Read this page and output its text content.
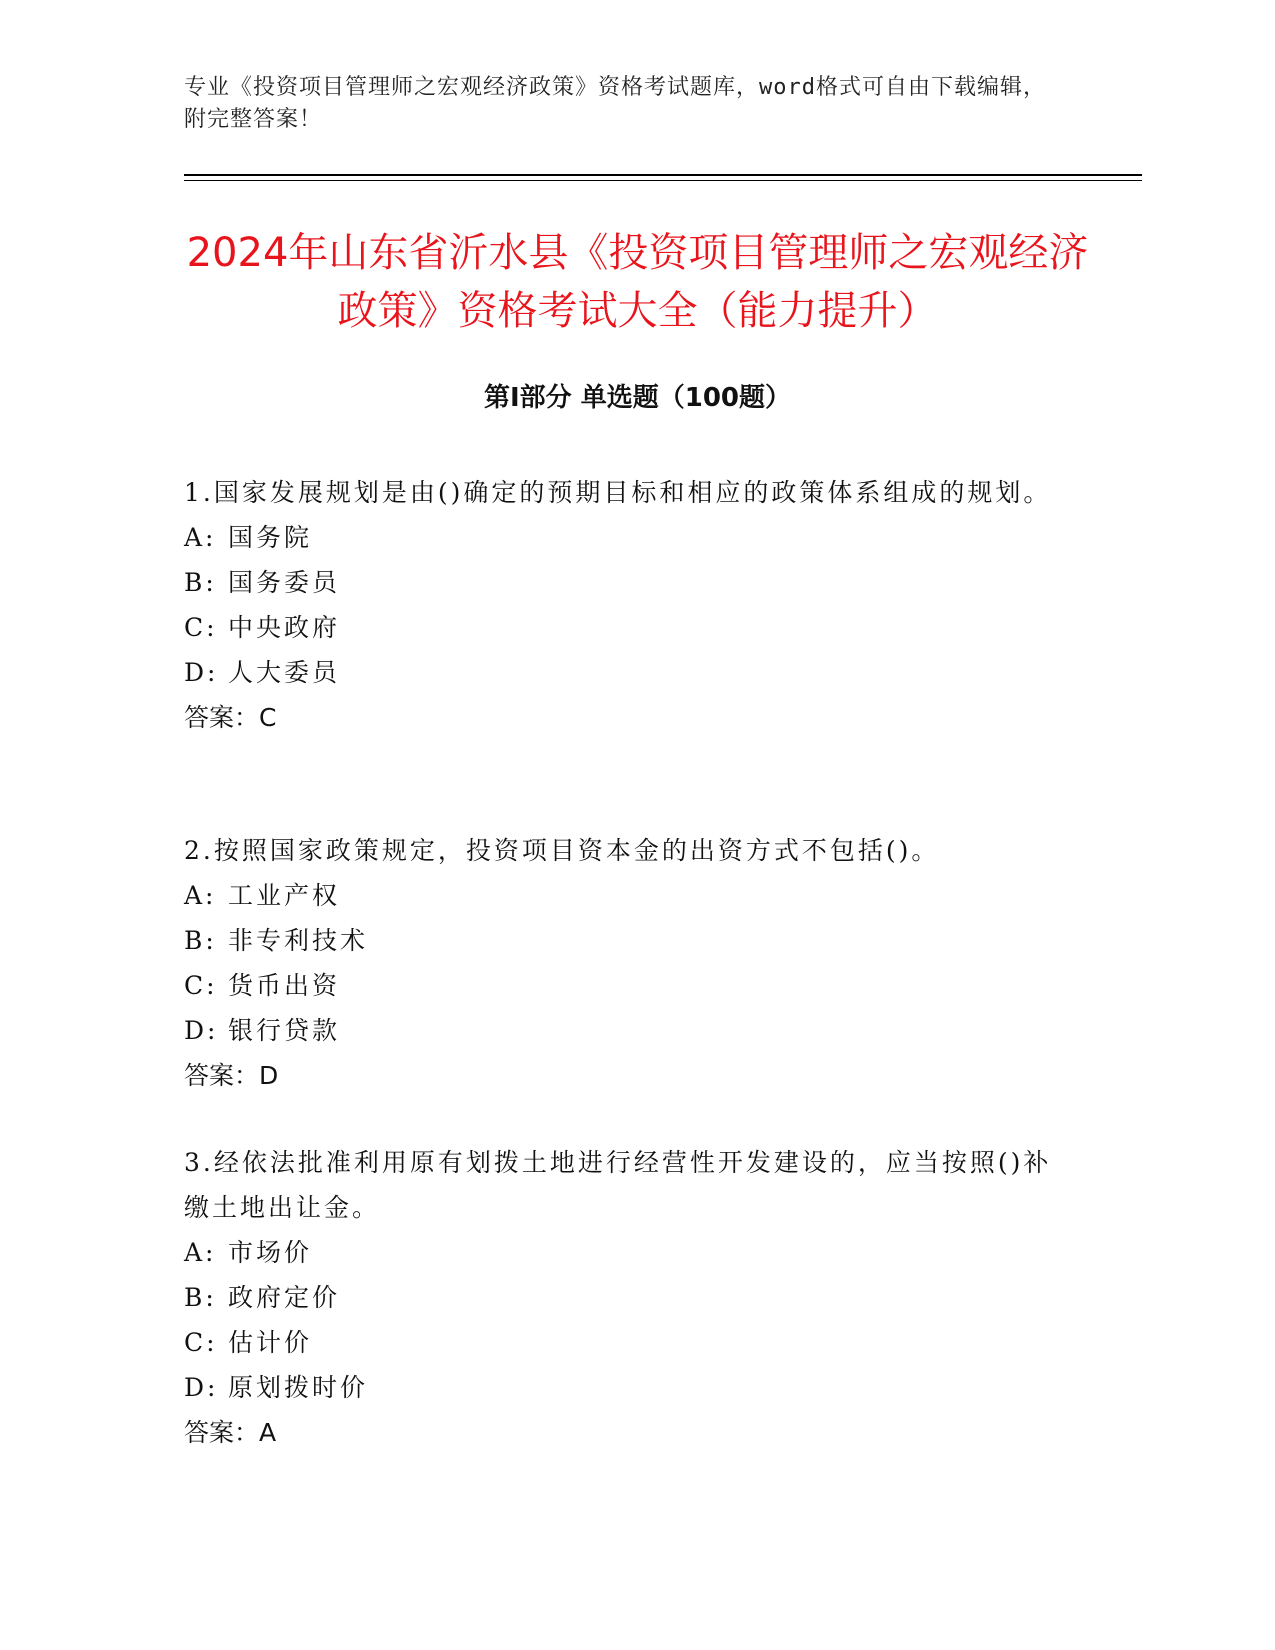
专业《投资项目管理师之宏观经济政策》资格考试题库，word格式可自由下载编辑，附完整答案！
2024年山东省沂水县《投资项目管理师之宏观经济政策》资格考试大全（能力提升）
第Ⅰ部分 单选题（100题）

1.国家发展规划是由()确定的预期目标和相应的政策体系组成的规划。

A: 国务院

B: 国务委员

C: 中央政府

D: 人大委员

答案：C

2.按照国家政策规定，投资项目资本金的出资方式不包括()。

A: 工业产权

B: 非专利技术

C: 货币出资

D: 银行贷款

答案：D

3.经依法批准利用原有划拨土地进行经营性开发建设的，应当按照()补缴土地出让金。

A: 市场价

B: 政府定价

C: 估计价

D: 原划拨时价

答案：A
